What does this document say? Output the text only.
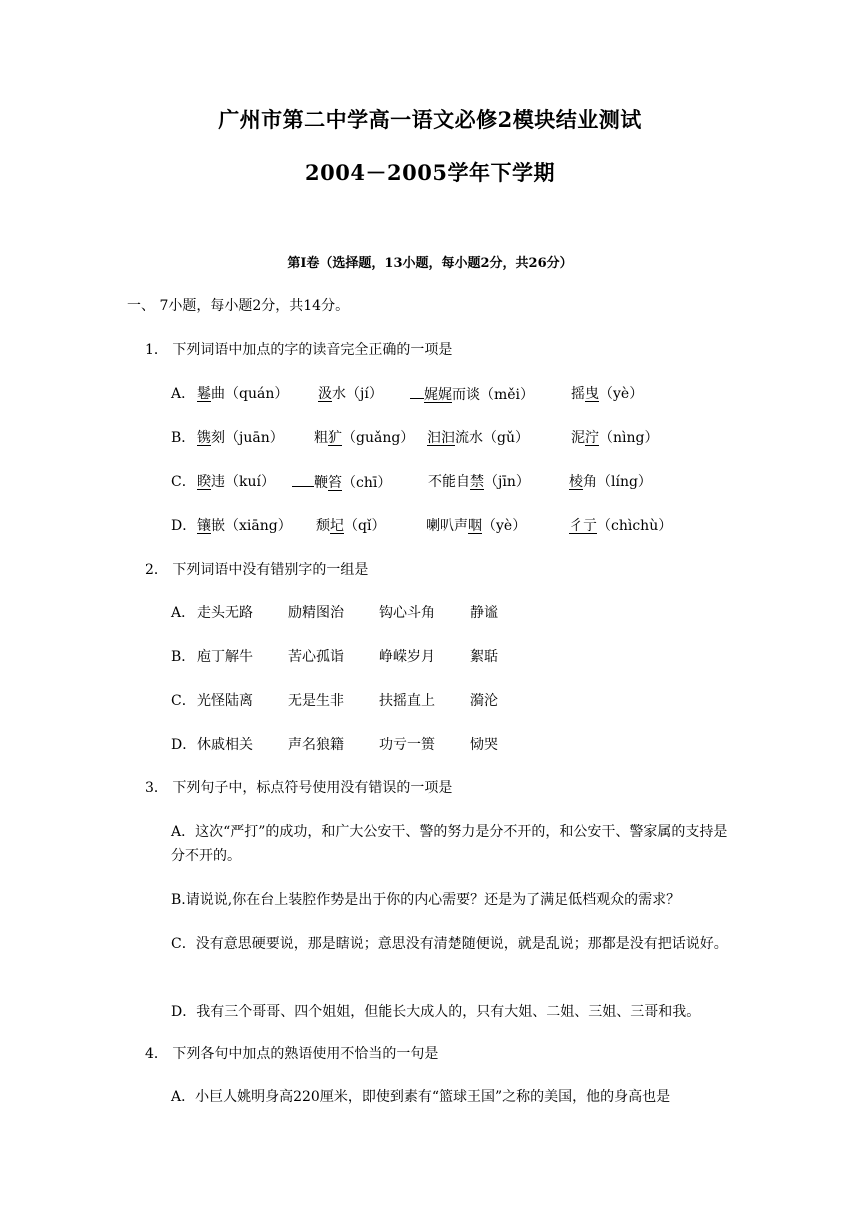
广州市第二中学高一语文必修2模块结业测试
2004－2005学年下学期
第Ⅰ卷（选择题，13小题，每小题2分，共26分）
一、 7小题，每小题2分，共14分。
1． 下列词语中加点的字的读音完全正确的一项是
A． 鬈曲（quán） 汲水（jí）	娓娓而谈（měi）	摇曳（yè）
B． 镌刻（juān） 粗犷（guǎng） 汩汩流水（gǔ）	泥泞（nìng）
C． 睽违（kuí）	鞭笞（chī）	不能自禁（jīn）	棱角（líng）
D． 镶嵌（xiāng） 颓圮（qǐ）	喇叭声咽（yè）	彳亍（chìchù）
2． 下列词语中没有错别字的一组是
A． 走头无路	励精图治	钩心斗角	静谧
B． 庖丁解牛	苦心孤诣	峥嵘岁月	絮聒
C． 光怪陆离	无是生非	扶摇直上	漪沦
D． 休戚相关	声名狼籍	功亏一篑	恸哭
3． 下列句子中，标点符号使用没有错误的一项是
A．这次“严打”的成功，和广大公安干、警的努力是分不开的，和公安干、警家属的支持是分不开的。
B.请说说,你在台上装腔作势是出于你的内心需要？还是为了满足低档观众的需求？
C．没有意思硬要说，那是瞎说；意思没有清楚随便说，就是乱说；那都是没有把话说好。
D．我有三个哥哥、四个姐姐，但能长大成人的，只有大姐、二姐、三姐、三哥和我。
4． 下列各句中加点的熟语使用不恰当的一句是
A．小巨人姚明身高220厘米，即使到素有“篮球王国”之称的美国，他的身高也是
